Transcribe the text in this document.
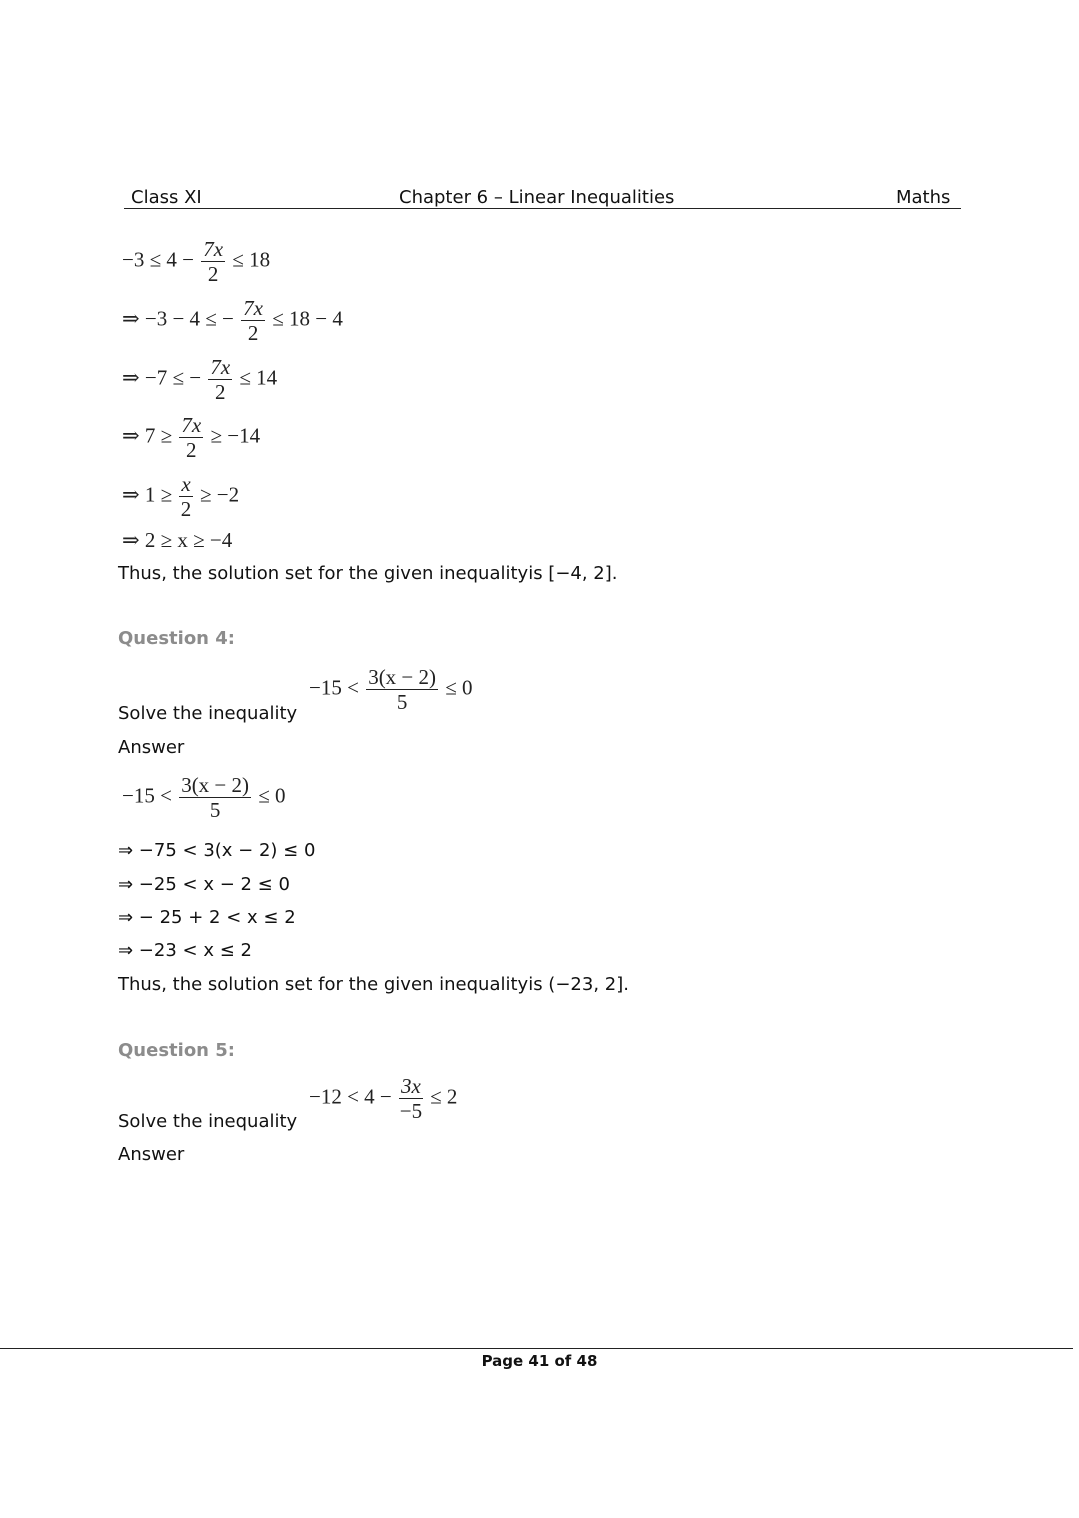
Class XI	Chapter 6 – Linear Inequalities	Maths
$-3 \le 4 - \frac{7x}{2} \le 18$
⇒ −3 − 4 ≤ − $\frac{7x}{2} \le 18 - 4$
⇒ −7 ≤ − $\frac{7x}{2} \le 14$
⇒ $7 \ge \frac{7x}{2} \ge -14$
⇒ $1 \ge \frac{x}{2} \ge -2$
⇒ 2 ≥ x ≥ −4
Thus, the solution set for the given inequalityis [−4, 2].
Question 4:
$-15 < \frac{3(x - 2)}{5} \le 0$
Solve the inequality
Answer
$-15 < \frac{3(x - 2)}{5} \le 0$
⇒ −75 < 3(x − 2) ≤ 0
⇒ −25 < x − 2 ≤ 0
⇒ − 25 + 2 < x ≤ 2
⇒ −23 < x ≤ 2
Thus, the solution set for the given inequalityis (−23, 2].
Question 5:
$-12 < 4 - \frac{3x}{-5} \le 2$
Solve the inequality
Answer
Page 41 of 48
